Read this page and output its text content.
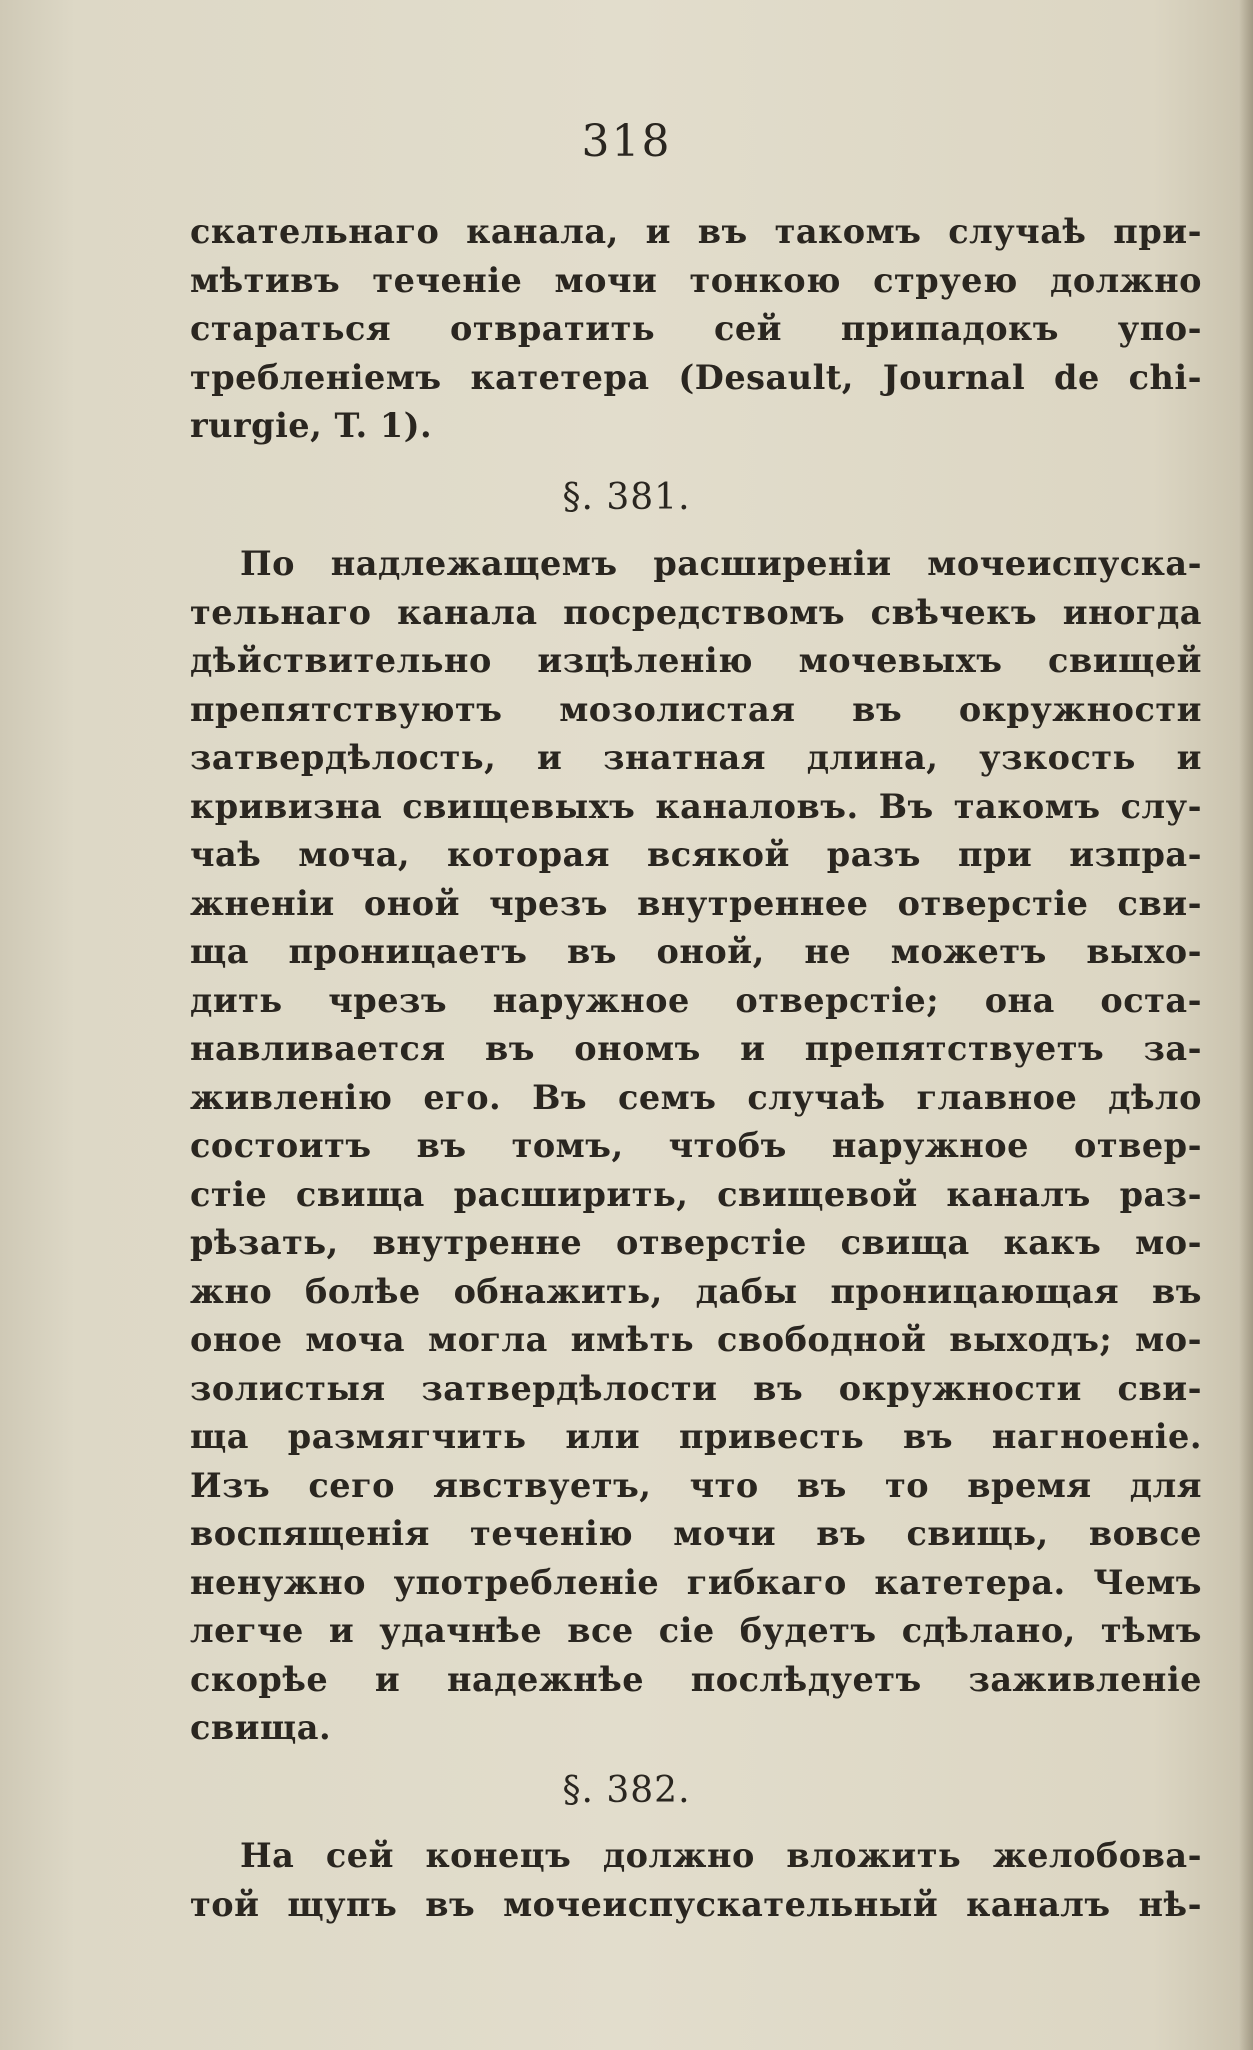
318
скательнаго канала, и въ такомъ случаѣ при-
мѣтивъ теченіе мочи тонкою струею должно
стараться отвратить сей припадокъ упо-
требленіемъ катетера (Desault, Journal de chi-
rurgie, T. 1).
§. 381.
По надлежащемъ расширеніи мочеиспуска-
тельнаго канала посредствомъ свѣчекъ иногда
дѣйствительно изцѣленію мочевыхъ свищей
препятствуютъ мозолистая въ окружности
затвердѣлость, и знатная длина, узкость и
кривизна свищевыхъ каналовъ. Въ такомъ слу-
чаѣ моча, которая всякой разъ при изпра-
жненіи оной чрезъ внутреннее отверстіе сви-
ща проницаетъ въ оной, не можетъ выхо-
дить чрезъ наружное отверстіе; она оста-
навливается въ ономъ и препятствуетъ за-
живленію его. Въ семъ случаѣ главное дѣло
состоитъ въ томъ, чтобъ наружное отвер-
стіе свища расширить, свищевой каналъ раз-
рѣзать, внутренне отверстіе свища какъ мо-
жно болѣе обнажить, дабы проницающая въ
оное моча могла имѣть свободной выходъ; мо-
золистыя затвердѣлости въ окружности сви-
ща размягчить или привесть въ нагноеніе.
Изъ сего явствуетъ, что въ то время для
воспященія теченію мочи въ свищь, вовсе
ненужно употребленіе гибкаго катетера. Чемъ
легче и удачнѣе все сіе будетъ сдѣлано, тѣмъ
скорѣе и надежнѣе послѣдуетъ заживленіе
свища.
§. 382.
На сей конецъ должно вложить желобова-
той щупъ въ мочеиспускательный каналъ нѣ-
